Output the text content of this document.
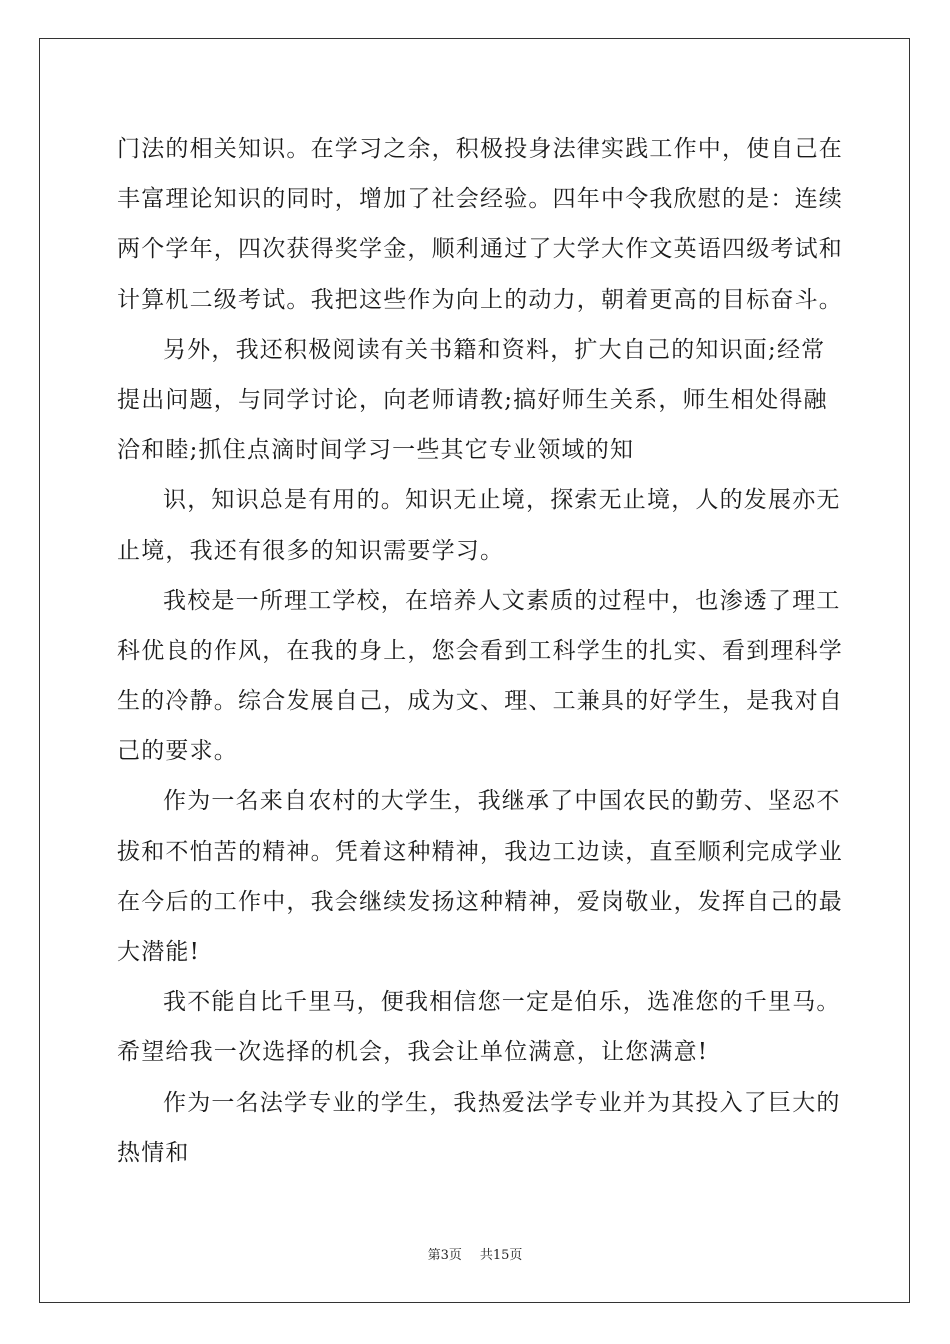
门法的相关知识。在学习之余，积极投身法律实践工作中，使自己在
丰富理论知识的同时，增加了社会经验。四年中令我欣慰的是：连续
两个学年，四次获得奖学金，顺利通过了大学大作文英语四级考试和
计算机二级考试。我把这些作为向上的动力，朝着更高的目标奋斗。
另外，我还积极阅读有关书籍和资料，扩大自己的知识面;经常
提出问题，与同学讨论，向老师请教;搞好师生关系，师生相处得融
洽和睦;抓住点滴时间学习一些其它专业领域的知
识，知识总是有用的。知识无止境，探索无止境，人的发展亦无
止境，我还有很多的知识需要学习。
我校是一所理工学校，在培养人文素质的过程中，也渗透了理工
科优良的作风，在我的身上，您会看到工科学生的扎实、看到理科学
生的冷静。综合发展自己，成为文、理、工兼具的好学生，是我对自
己的要求。
作为一名来自农村的大学生，我继承了中国农民的勤劳、坚忍不
拔和不怕苦的精神。凭着这种精神，我边工边读，直至顺利完成学业
在今后的工作中，我会继续发扬这种精神，爱岗敬业，发挥自己的最
大潜能!
我不能自比千里马，便我相信您一定是伯乐，选准您的千里马。
希望给我一次选择的机会，我会让单位满意，让您满意!
作为一名法学专业的学生，我热爱法学专业并为其投入了巨大的
热情和
第3页 共15页
